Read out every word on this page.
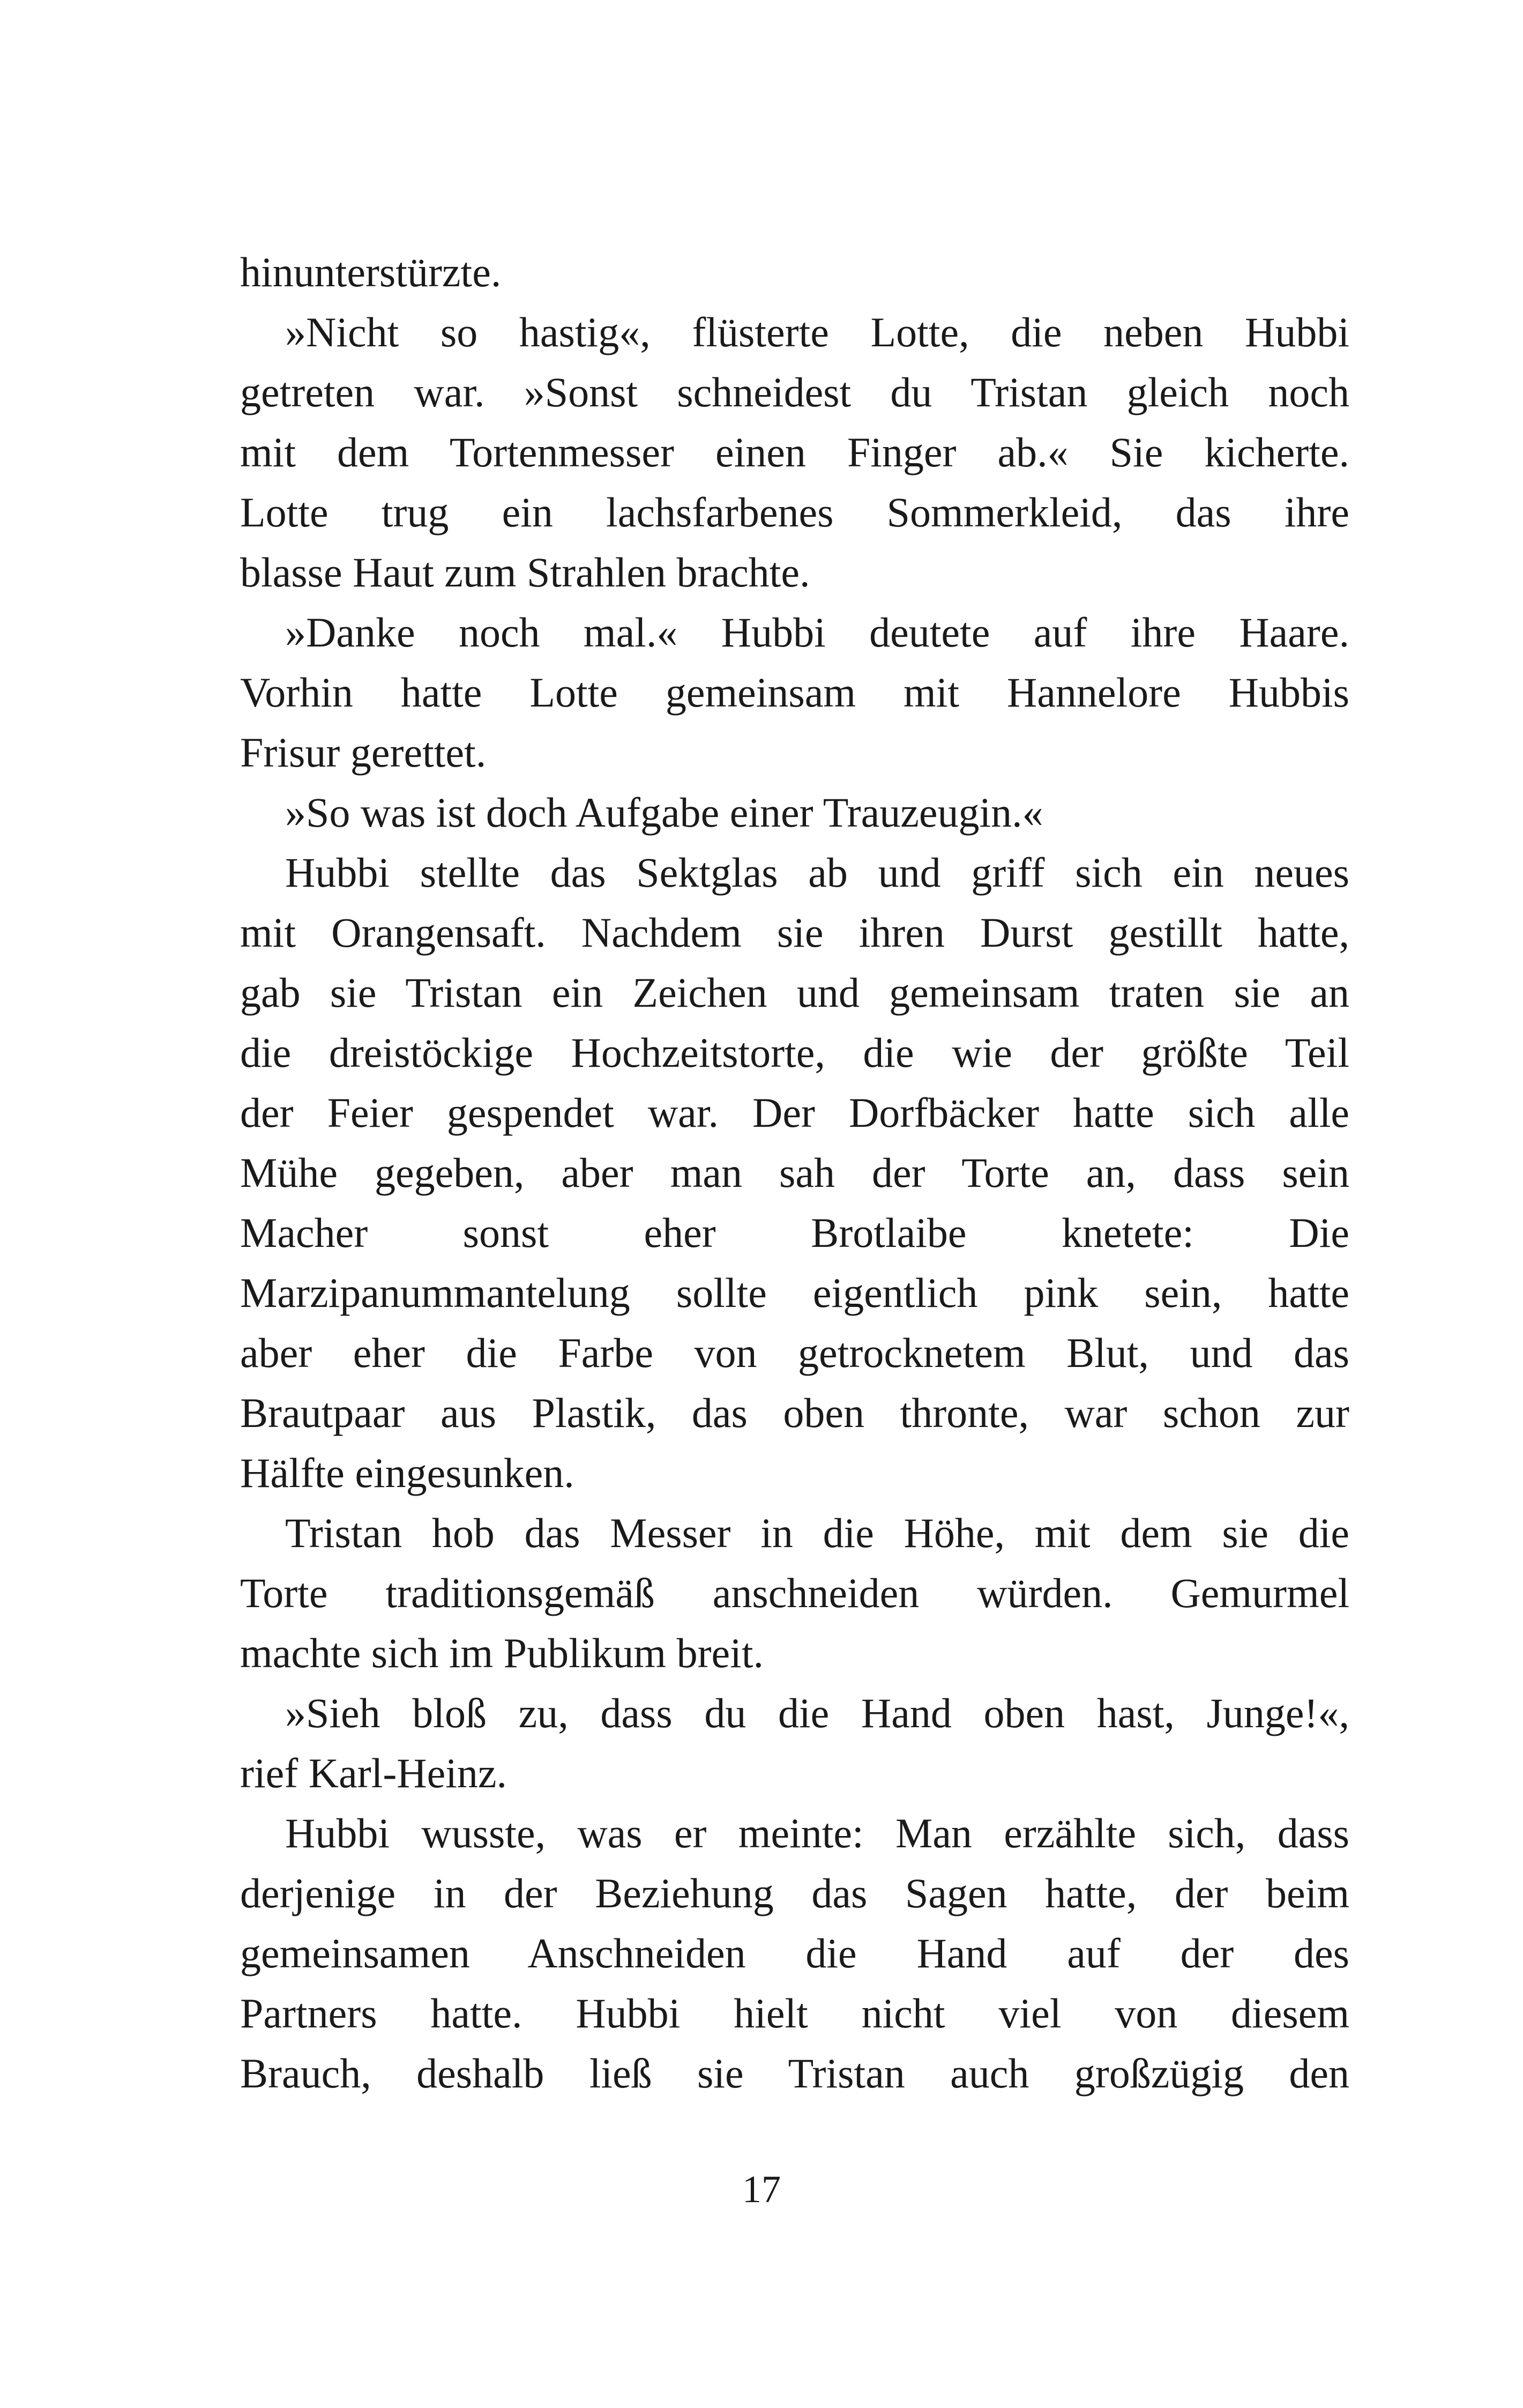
hinunterstürzte.
»Nicht so hastig«, flüsterte Lotte, die neben Hubbi
getreten war. »Sonst schneidest du Tristan gleich noch
mit dem Tortenmesser einen Finger ab.« Sie kicherte.
Lotte trug ein lachsfarbenes Sommerkleid, das ihre
blasse Haut zum Strahlen brachte.
»Danke noch mal.« Hubbi deutete auf ihre Haare.
Vorhin hatte Lotte gemeinsam mit Hannelore Hubbis
Frisur gerettet.
»So was ist doch Aufgabe einer Trauzeugin.«
Hubbi stellte das Sektglas ab und griff sich ein neues
mit Orangensaft. Nachdem sie ihren Durst gestillt hatte,
gab sie Tristan ein Zeichen und gemeinsam traten sie an
die dreistöckige Hochzeitstorte, die wie der größte Teil
der Feier gespendet war. Der Dorfbäcker hatte sich alle
Mühe gegeben, aber man sah der Torte an, dass sein
Macher sonst eher Brotlaibe knetete: Die
Marzipanummantelung sollte eigentlich pink sein, hatte
aber eher die Farbe von getrocknetem Blut, und das
Brautpaar aus Plastik, das oben thronte, war schon zur
Hälfte eingesunken.
Tristan hob das Messer in die Höhe, mit dem sie die
Torte traditionsgemäß anschneiden würden. Gemurmel
machte sich im Publikum breit.
»Sieh bloß zu, dass du die Hand oben hast, Junge!«,
rief Karl-Heinz.
Hubbi wusste, was er meinte: Man erzählte sich, dass
derjenige in der Beziehung das Sagen hatte, der beim
gemeinsamen Anschneiden die Hand auf der des
Partners hatte. Hubbi hielt nicht viel von diesem
Brauch, deshalb ließ sie Tristan auch großzügig den
17
